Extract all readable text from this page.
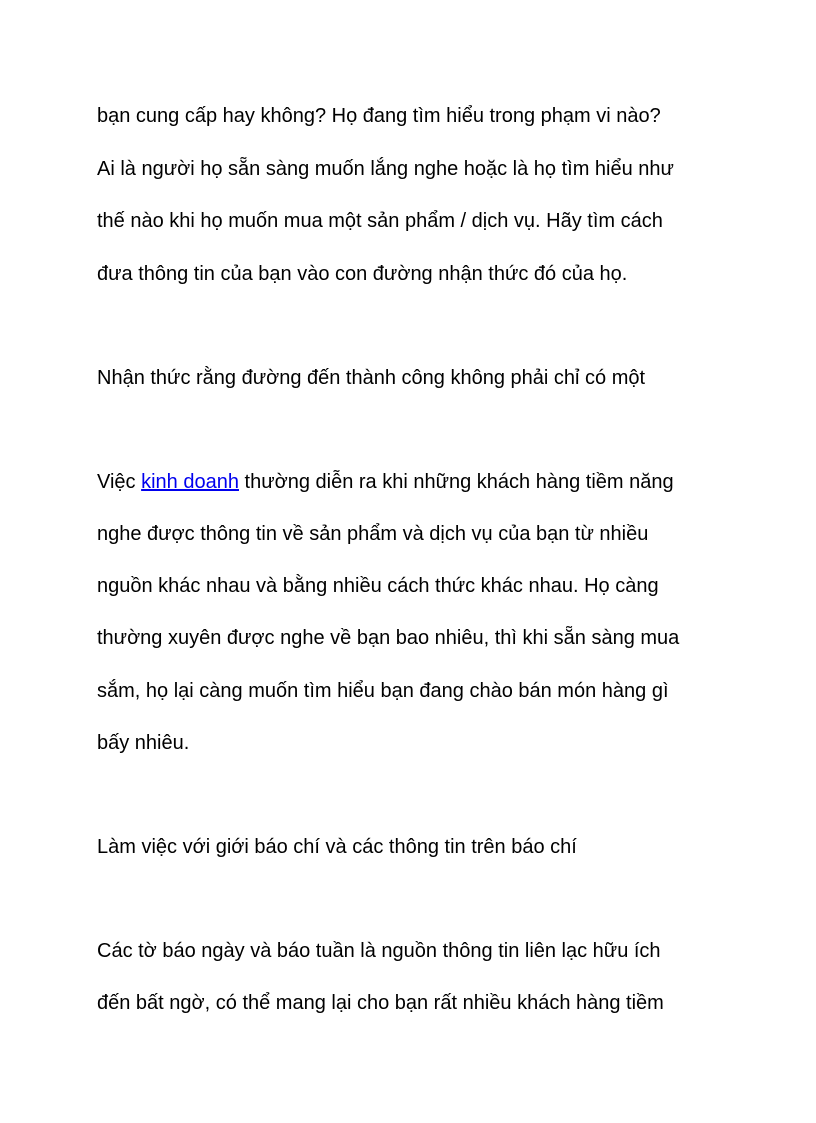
bạn cung cấp hay không? Họ đang tìm hiểu trong phạm vi nào?

Ai là người họ sẵn sàng muốn lắng nghe hoặc là họ tìm hiểu như

thế nào khi họ muốn mua một sản phẩm / dịch vụ. Hãy tìm cách

đưa thông tin của bạn vào con đường nhận thức đó của họ.

Nhận thức rằng đường đến thành công không phải chỉ có một

Việc kinh doanh thường diễn ra khi những khách hàng tiềm năng

nghe được thông tin về sản phẩm và dịch vụ của bạn từ nhiều

nguồn khác nhau và bằng nhiều cách thức khác nhau. Họ càng

thường xuyên được nghe về bạn bao nhiêu, thì khi sẵn sàng mua

sắm, họ lại càng muốn tìm hiểu bạn đang chào bán món hàng gì

bấy nhiêu.

Làm việc với giới báo chí và các thông tin trên báo chí

Các tờ báo ngày và báo tuần là nguồn thông tin liên lạc hữu ích

đến bất ngờ, có thể mang lại cho bạn rất nhiều khách hàng tiềm
